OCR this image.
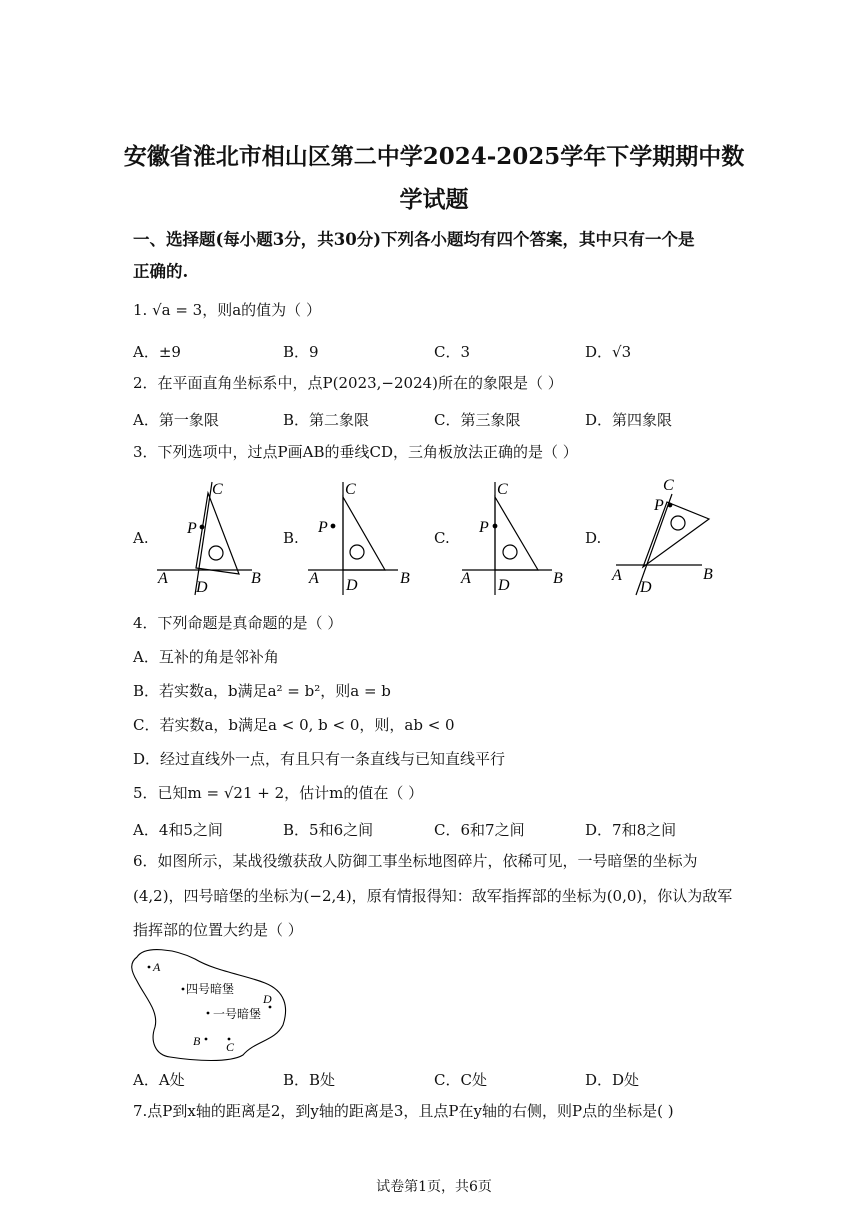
安徽省淮北市相山区第二中学2024-2025学年下学期期中数
学试题
一、选择题(每小题3分，共30分)下列各小题均有四个答案，其中只有一个是
正确的.
1. √a = 3，则a的值为（ ）
A．±9	B．9	C．3	D．√3
2．在平面直角坐标系中，点P(2023,−2024)所在的象限是（ ）
A．第一象限	B．第二象限	C．第三象限	D．第四象限
3．下列选项中，过点P画AB的垂线CD，三角板放法正确的是（ ）
A.	B.	C.	D.
C
P
A
D
B
C
P
A D	B
C
P
A D	B
C
P
A
D
B
4．下列命题是真命题的是（ ）
A．互补的角是邻补角
B．若实数a，b满足a² = b²，则a = b
C．若实数a，b满足a < 0, b < 0，则，ab < 0
D．经过直线外一点，有且只有一条直线与已知直线平行
5．已知m = √21 + 2，估计m的值在（ ）
A．4和5之间	B．5和6之间	C．6和7之间	D．7和8之间
6．如图所示，某战役缴获敌人防御工事坐标地图碎片，依稀可见，一号暗堡的坐标为
(4,2)，四号暗堡的坐标为(−2,4)，原有情报得知：敌军指挥部的坐标为(0,0)，你认为敌军
指挥部的位置大约是（ ）
A
四号暗堡
D
一号暗堡
B C
A．A处	B．B处	C．C处	D．D处
7.点P到x轴的距离是2，到y轴的距离是3，且点P在y轴的右侧，则P点的坐标是( )
试卷第1页，共6页
